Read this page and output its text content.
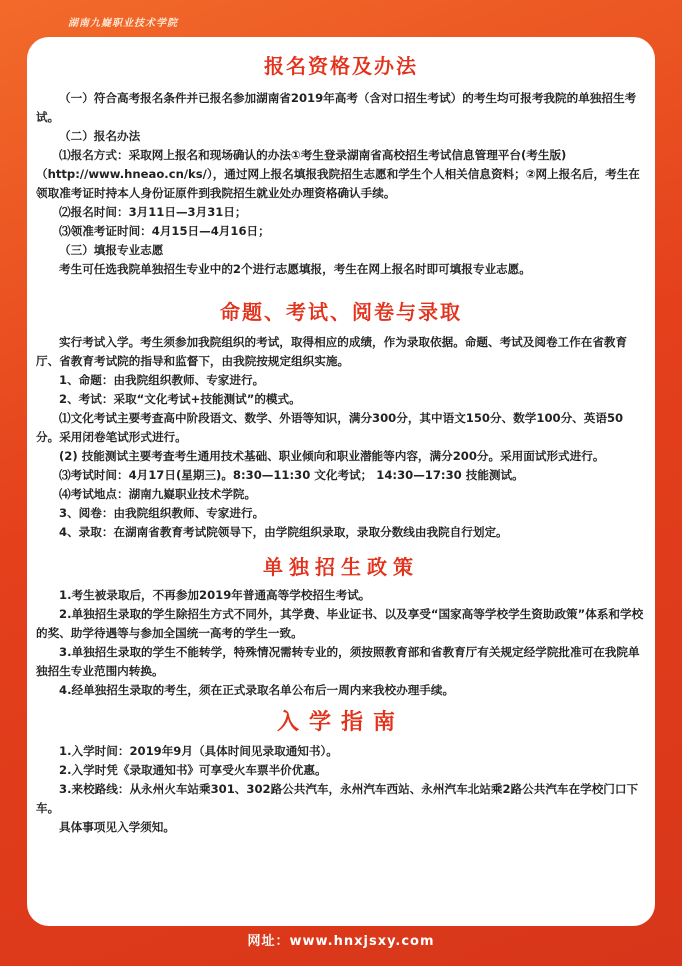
湖南九嶷职业技术学院
报名资格及办法

（一）符合高考报名条件并已报名参加湖南省2019年高考（含对口招生考试）的考生均可报考我院的单独招生考试。

（二）报名办法

⑴报名方式：采取网上报名和现场确认的办法①考生登录湖南省高校招生考试信息管理平台(考生版)（http://www.hneao.cn/ks/），通过网上报名填报我院招生志愿和学生个人相关信息资料；②网上报名后，考生在领取准考证时持本人身份证原件到我院招生就业处办理资格确认手续。

⑵报名时间：3月11日—3月31日；

⑶领准考证时间：4月15日—4月16日；

（三）填报专业志愿

考生可任选我院单独招生专业中的2个进行志愿填报，考生在网上报名时即可填报专业志愿。

命题、考试、阅卷与录取

实行考试入学。考生须参加我院组织的考试，取得相应的成绩，作为录取依据。命题、考试及阅卷工作在省教育厅、省教育考试院的指导和监督下，由我院按规定组织实施。

1、命题：由我院组织教师、专家进行。

2、考试：采取“文化考试+技能测试”的模式。

⑴文化考试主要考查高中阶段语文、数学、外语等知识，满分300分，其中语文150分、数学100分、英语50分。采用闭卷笔试形式进行。

(2) 技能测试主要考查考生通用技术基础、职业倾向和职业潜能等内容，满分200分。采用面试形式进行。

⑶考试时间：4月17日(星期三)。8:30—11:30 文化考试； 14:30—17:30 技能测试。

⑷考试地点：湖南九嶷职业技术学院。

3、阅卷：由我院组织教师、专家进行。

4、录取：在湖南省教育考试院领导下，由学院组织录取，录取分数线由我院自行划定。

单独招生政策

1.考生被录取后，不再参加2019年普通高等学校招生考试。

2.单独招生录取的学生除招生方式不同外，其学费、毕业证书、以及享受“国家高等学校学生资助政策”体系和学校的奖、助学待遇等与参加全国统一高考的学生一致。

3.单独招生录取的学生不能转学，特殊情况需转专业的，须按照教育部和省教育厅有关规定经学院批准可在我院单独招生专业范围内转换。

4.经单独招生录取的考生，须在正式录取名单公布后一周内来我校办理手续。

入学指南

1.入学时间：2019年9月（具体时间见录取通知书）。

2.入学时凭《录取通知书》可享受火车票半价优惠。

3.来校路线：从永州火车站乘301、302路公共汽车，永州汽车西站、永州汽车北站乘2路公共汽车在学校门口下车。

具体事项见入学须知。

网址：www.hnxjsxy.com
